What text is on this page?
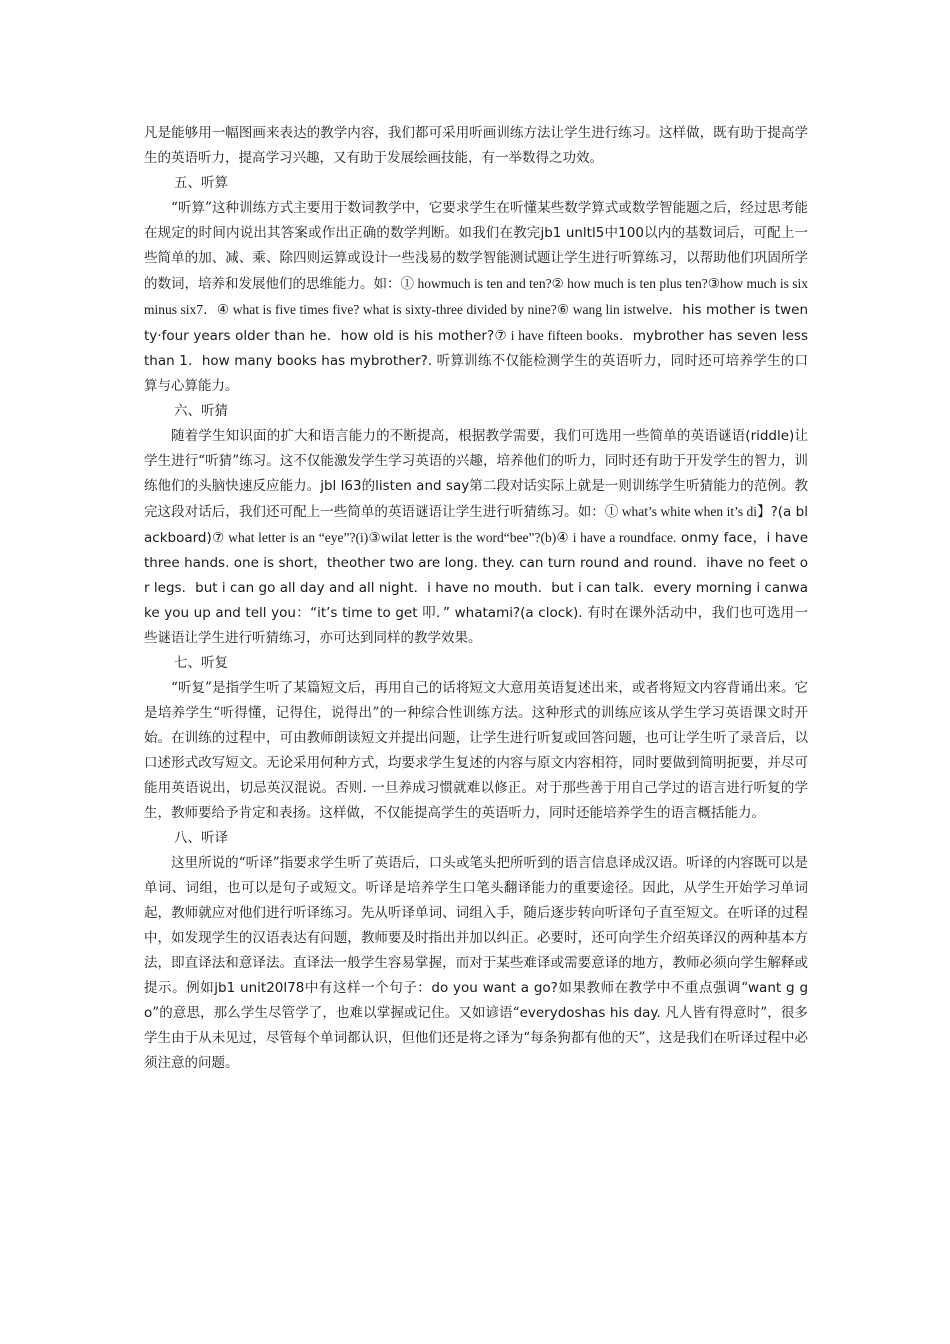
凡是能够用一幅图画来表达的教学内容，我们都可采用听画训练方法让学生进行练习。这样做，既有助于提高学生的英语听力，提高学习兴趣，又有助于发展绘画技能，有一举数得之功效。

五、听算

“听算”这种训练方式主要用于数词教学中，它要求学生在听懂某些数学算式或数学智能题之后，经过思考能在规定的时间内说出其答案或作出正确的数学判断。如我们在教完jb1 unltl5中100以内的基数词后，可配上一些简单的加、减、乘、除四则运算或设计一些浅易的数学智能测试题让学生进行听算练习，以帮助他们巩固所学的数词，培养和发展他们的思维能力。如：① howmuch is ten and ten?② how much is ten plus ten?③how much is six minus six7．④ what is five times five? what is sixty-three divided by nine?⑥ wang lin istwelve．his mother is twenty·four years older than he．how old is his mother?⑦ i have fifteen books．mybrother has seven less than 1．how many books has mybrother?. 听算训练不仅能检测学生的英语听力，同时还可培养学生的口算与心算能力。

六、听猜

随着学生知识面的扩大和语言能力的不断提高，根据教学需要，我们可选用一些简单的英语谜语(riddle)让学生进行“听猜”练习。这不仅能激发学生学习英语的兴趣，培养他们的听力，同时还有助于开发学生的智力，训练他们的头脑快速反应能力。jbl l63的listen and say第二段对话实际上就是一则训练学生听猜能力的范例。教完这段对话后，我们还可配上一些简单的英语谜语让学生进行听猜练习。如：① what’s white when it’s di】?(a blackboard)⑦ what letter is an “eye”?(i)③wilat letter is the word“bee”?(b)④ i have a roundface. onmy face，i have three hands. one is short，theother two are long. they. can turn round and round．ihave no feet or legs．but i can go all day and all night．i have no mouth．but i can talk．every morning i canwake you up and tell you：“it’s time to get 叩．” whatami?(a clock). 有时在课外活动中，我们也可选用一些谜语让学生进行听猜练习，亦可达到同样的教学效果。

七、听复

“听复”是指学生听了某篇短文后，再用自己的话将短文大意用英语复述出来，或者将短文内容背诵出来。它是培养学生“听得懂，记得住，说得出”的一种综合性训练方法。这种形式的训练应该从学生学习英语课文时开始。在训练的过程中，可由教师朗读短文并提出问题，让学生进行听复或回答问题，也可让学生听了录音后，以口述形式改写短文。无论采用何种方式，均要求学生复述的内容与原文内容相符，同时要做到简明扼要，并尽可能用英语说出，切忌英汉混说。否则. 一旦养成习惯就难以修正。对于那些善于用自己学过的语言进行听复的学生，教师要给予肯定和表扬。这样做，不仅能提高学生的英语听力，同时还能培养学生的语言概括能力。

八、听译

这里所说的“听译”指要求学生听了英语后，口头或笔头把所听到的语言信息译成汉语。听译的内容既可以是单词、词组，也可以是句子或短文。听译是培养学生口笔头翻译能力的重要途径。因此，从学生开始学习单词起，教师就应对他们进行听译练习。先从听译单词、词组入手，随后逐步转向听译句子直至短文。在听译的过程中，如发现学生的汉语表达有问题，教师要及时指出并加以纠正。必要时，还可向学生介绍英译汉的两种基本方法，即直译法和意译法。直译法一般学生容易掌握，而对于某些难译或需要意译的地方，教师必须向学生解释或提示。例如jb1 unit20l78中有这样一个句子：do you want a go?如果教师在教学中不重点强调“want g go”的意思，那么学生尽管学了，也难以掌握或记住。又如谚语“everydoshas his day. 凡人皆有得意时”，很多学生由于从未见过，尽管每个单词都认识，但他们还是将之译为“每条狗都有他的天”，这是我们在听译过程中必须注意的问题。
